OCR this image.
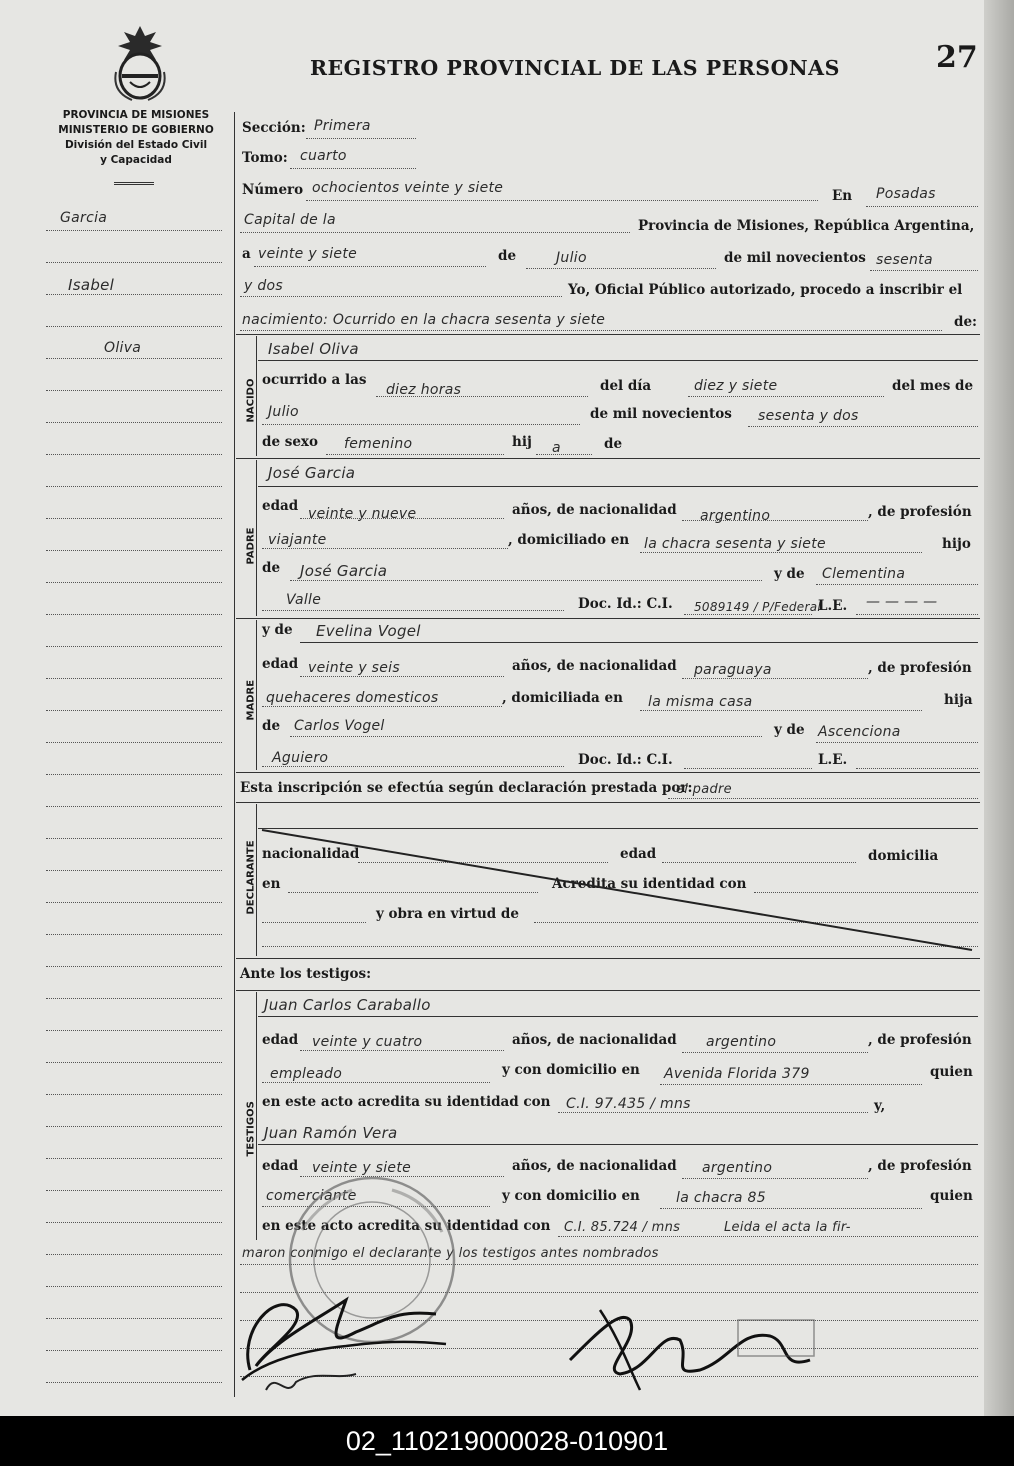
PROVINCIA DE MISIONES
MINISTERIO DE GOBIERNO
División del Estado Civil
y Capacidad
REGISTRO PROVINCIAL DE LAS PERSONAS	27
Garcia
Isabel
Oliva
Sección: Primera
Tomo: cuarto
Número ochocientos veinte y siete	En Posadas
Capital de la	Provincia de Misiones, República Argentina,
a veinte y siete	de	Julio	de mil novecientos sesenta
y dos	Yo, Oficial Público autorizado, procedo a inscribir el
nacimiento: Ocurrido en la chacra sesenta y siete	de:
NACIDO
Isabel Oliva
ocurrido a las
diez horas	del día	diez y siete	del mes de
Julio	de mil novecientos sesenta y dos
de sexo femenino	hij a	de
PADRE
José Garcia
edad veinte y nueve	años, de nacionalidad argentino	, de profesión
viajante	, domiciliado en la chacra sesenta y siete	hijo
de José Garcia	y de Clementina
Valle	Doc. Id.: C.I. 5089149 / P/Federal
L.E. — — — —
MADRE
y de Evelina Vogel
edad veinte y seis	años, de nacionalidad paraguaya	, de profesión
quehaceres domesticos	, domiciliada en la misma casa	hija
de Carlos Vogel	y de Ascenciona
Aguiero	Doc. Id.: C.I.	L.E.
Esta inscripción se efectúa según declaración prestada por:
el padre
DECLARANTE nacionalidad	edad	domicilia
en	Acredita su identidad con
y obra en virtud de
Ante los testigos:
TESTIGOS
Juan Carlos Caraballo
edad veinte y cuatro	años, de nacionalidad argentino	, de profesión
empleado	y con domicilio en Avenida Florida 379	quien
en este acto acredita su identidad con C.I. 97.435 / mns	y,
Juan Ramón Vera
edad veinte y siete	años, de nacionalidad argentino	, de profesión
comerciante	y con domicilio en	la chacra 85	quien
en este acto acredita su identidad con C.I. 85.724 / mns	Leida el acta la fir-
maron conmigo el declarante y los testigos antes nombrados
02_110219000028-010901
